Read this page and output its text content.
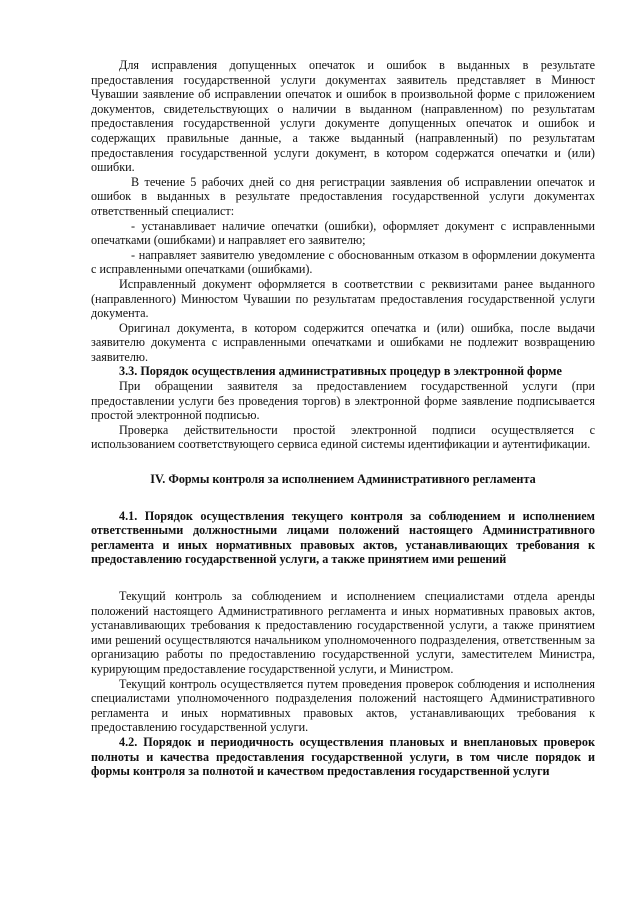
Для исправления допущенных опечаток и ошибок в выданных в результате предоставления государственной услуги документах заявитель представляет в Минюст Чувашии заявление об исправлении опечаток и ошибок в произвольной форме с приложением документов, свидетельствующих о наличии в выданном (направленном) по результатам предоставления государственной услуги документе допущенных опечаток и ошибок и содержащих правильные данные, а также выданный (направленный) по результатам предоставления государственной услуги документ, в котором содержатся опечатки и (или) ошибки.

В течение 5 рабочих дней со дня регистрации заявления об исправлении опечаток и ошибок в выданных в результате предоставления государственной услуги документах ответственный специалист:

- устанавливает наличие опечатки (ошибки), оформляет документ с исправленными опечатками (ошибками) и направляет его заявителю;

- направляет заявителю уведомление с обоснованным отказом в оформлении документа с исправленными опечатками (ошибками).

Исправленный документ оформляется в соответствии с реквизитами ранее выданного (направленного) Минюстом Чувашии по результатам предоставления государственной услуги документа.

Оригинал документа, в котором содержится опечатка и (или) ошибка, после выдачи заявителю документа с исправленными опечатками и ошибками не подлежит возвращению заявителю.

3.3. Порядок осуществления административных процедур в электронной форме

При обращении заявителя за предоставлением государственной услуги (при предоставлении услуги без проведения торгов) в электронной форме заявление подписывается простой электронной подписью.

Проверка действительности простой электронной подписи осуществляется с использованием соответствующего сервиса единой системы идентификации и аутентификации.

IV. Формы контроля за исполнением Административного регламента

4.1. Порядок осуществления текущего контроля за соблюдением и исполнением ответственными должностными лицами положений настоящего Административного регламента и иных нормативных правовых актов, устанавливающих требования к предоставлению государственной услуги, а также принятием ими решений

Текущий контроль за соблюдением и исполнением специалистами отдела аренды положений настоящего Административного регламента и иных нормативных правовых актов, устанавливающих требования к предоставлению государственной услуги, а также принятием ими решений осуществляются начальником уполномоченного подразделения, ответственным за организацию работы по предоставлению государственной услуги, заместителем Министра, курирующим предоставление государственной услуги, и Министром.

Текущий контроль осуществляется путем проведения проверок соблюдения и исполнения специалистами уполномоченного подразделения положений настоящего Административного регламента и иных нормативных правовых актов, устанавливающих требования к предоставлению государственной услуги.

4.2. Порядок и периодичность осуществления плановых и внеплановых проверок полноты и качества предоставления государственной услуги, в том числе порядок и формы контроля за полнотой и качеством предоставления государственной услуги
